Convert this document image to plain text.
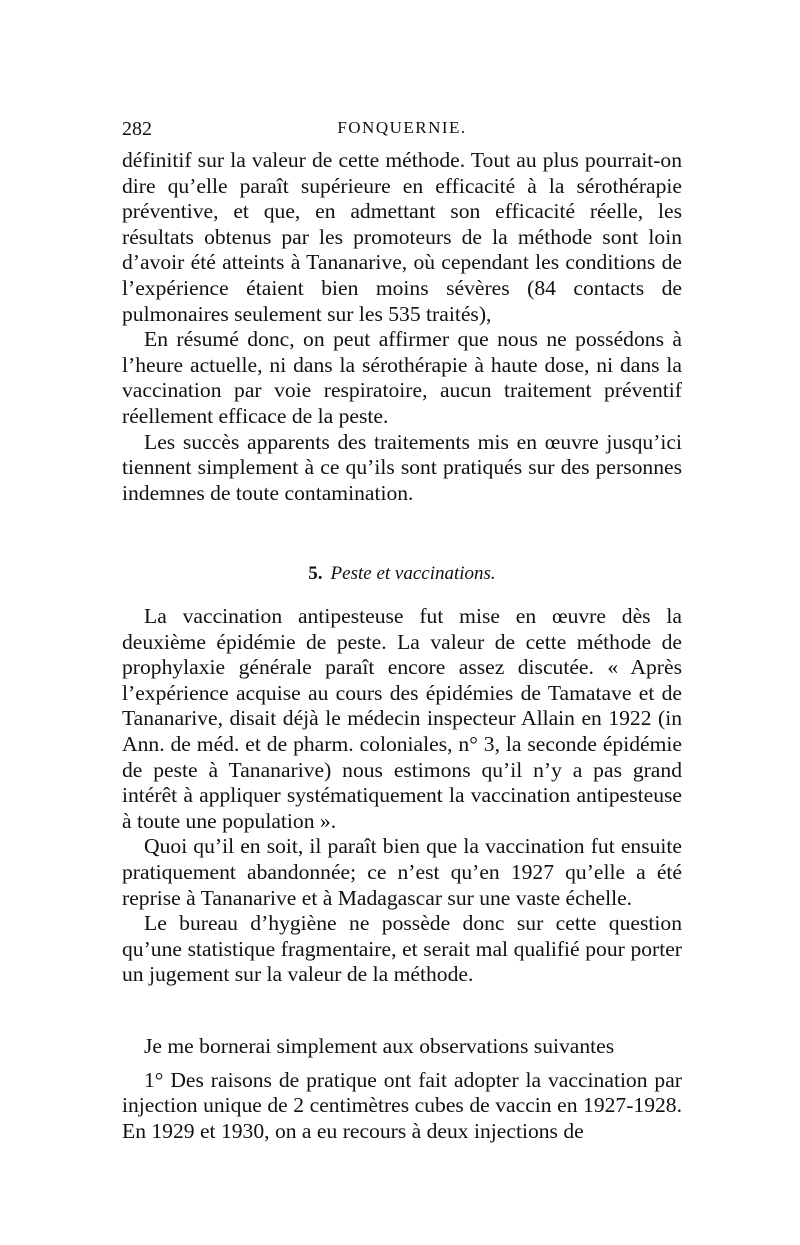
282	FONQUERNIE.

définitif sur la valeur de cette méthode. Tout au plus pourrait-on dire qu’elle paraît supérieure en efficacité à la sérothérapie préventive, et que, en admettant son efficacité réelle, les résultats obtenus par les promoteurs de la méthode sont loin d’avoir été atteints à Tananarive, où cependant les conditions de l’expérience étaient bien moins sévères (84 contacts de pulmonaires seulement sur les 535 traités),

En résumé donc, on peut affirmer que nous ne possédons à l’heure actuelle, ni dans la sérothérapie à haute dose, ni dans la vaccination par voie respiratoire, aucun traitement préventif réellement efficace de la peste.

Les succès apparents des traitements mis en œuvre jusqu’ici tiennent simplement à ce qu’ils sont pratiqués sur des personnes indemnes de toute contamination.

5. Peste et vaccinations.

La vaccination antipesteuse fut mise en œuvre dès la deuxième épidémie de peste. La valeur de cette méthode de prophylaxie générale paraît encore assez discutée. « Après l’expérience acquise au cours des épidémies de Tamatave et de Tananarive, disait déjà le médecin inspecteur Allain en 1922 (in Ann. de méd. et de pharm. coloniales, n° 3, la seconde épidémie de peste à Tananarive) nous estimons qu’il n’y a pas grand intérêt à appliquer systématiquement la vaccination antipesteuse à toute une population ».

Quoi qu’il en soit, il paraît bien que la vaccination fut ensuite pratiquement abandonnée; ce n’est qu’en 1927 qu’elle a été reprise à Tananarive et à Madagascar sur une vaste échelle.

Le bureau d’hygiène ne possède donc sur cette question qu’une statistique fragmentaire, et serait mal qualifié pour porter un jugement sur la valeur de la méthode.

Je me bornerai simplement aux observations suivantes

1° Des raisons de pratique ont fait adopter la vaccination par injection unique de 2 centimètres cubes de vaccin en 1927-1928. En 1929 et 1930, on a eu recours à deux injections de
